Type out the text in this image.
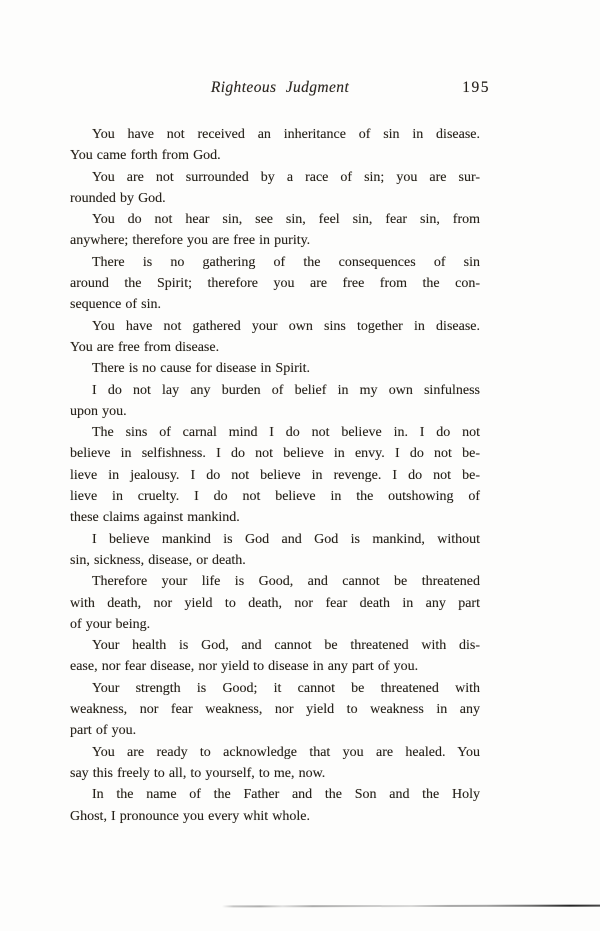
Righteous Judgment	195
You have not received an inheritance of sin in disease.
You came forth from God.
You are not surrounded by a race of sin; you are sur-
rounded by God.
You do not hear sin, see sin, feel sin, fear sin, from
anywhere; therefore you are free in purity.
There is no gathering of the consequences of sin
around the Spirit; therefore you are free from the con-
sequence of sin.
You have not gathered your own sins together in disease.
You are free from disease.
There is no cause for disease in Spirit.
I do not lay any burden of belief in my own sinfulness
upon you.
The sins of carnal mind I do not believe in. I do not
believe in selfishness. I do not believe in envy. I do not be-
lieve in jealousy. I do not believe in revenge. I do not be-
lieve in cruelty. I do not believe in the outshowing of
these claims against mankind.
I believe mankind is God and God is mankind, without
sin, sickness, disease, or death.
Therefore your life is Good, and cannot be threatened
with death, nor yield to death, nor fear death in any part
of your being.
Your health is God, and cannot be threatened with dis-
ease, nor fear disease, nor yield to disease in any part of you.
Your strength is Good; it cannot be threatened with
weakness, nor fear weakness, nor yield to weakness in any
part of you.
You are ready to acknowledge that you are healed. You
say this freely to all, to yourself, to me, now.
In the name of the Father and the Son and the Holy
Ghost, I pronounce you every whit whole.
